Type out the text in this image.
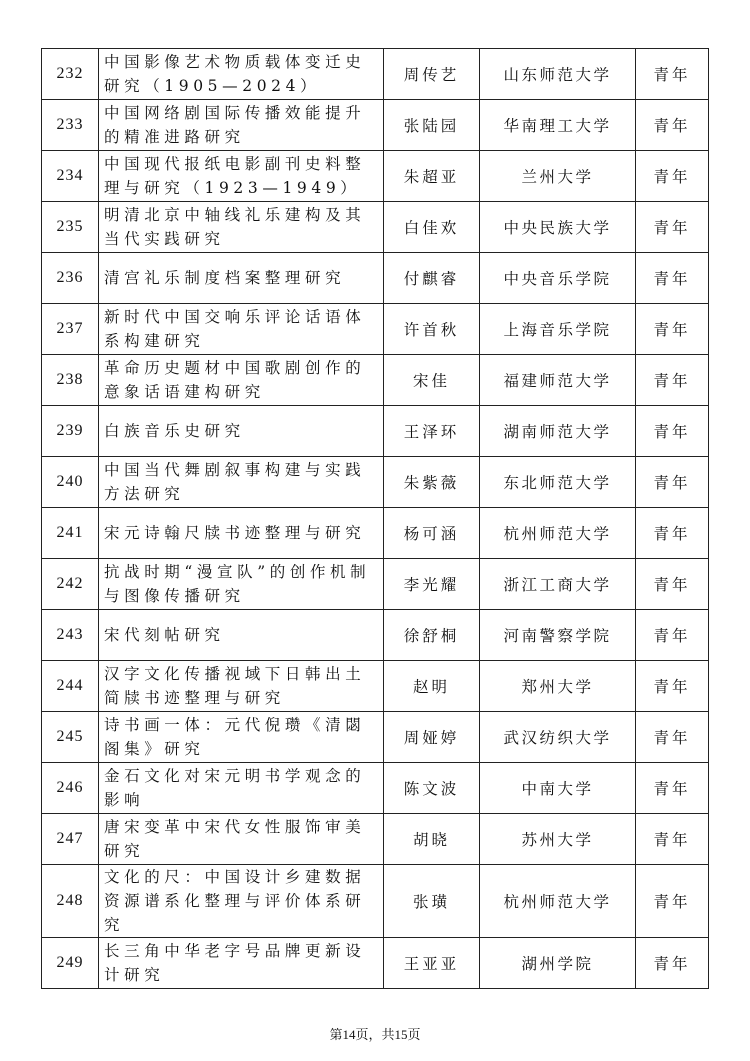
232	中国影像艺术物质载体变迁史研究（1905—2024）	周传艺	山东师范大学	青年
233	中国网络剧国际传播效能提升的精准进路研究	张陆园	华南理工大学	青年
234	中国现代报纸电影副刊史料整理与研究（1923—1949）	朱超亚	兰州大学	青年
235	明清北京中轴线礼乐建构及其当代实践研究	白佳欢	中央民族大学	青年
236	清宫礼乐制度档案整理研究	付麒睿	中央音乐学院	青年
237	新时代中国交响乐评论话语体系构建研究	许首秋	上海音乐学院	青年
238	革命历史题材中国歌剧创作的意象话语建构研究	宋佳	福建师范大学	青年
239	白族音乐史研究	王泽环	湖南师范大学	青年
240	中国当代舞剧叙事构建与实践方法研究	朱紫薇	东北师范大学	青年
241	宋元诗翰尺牍书迹整理与研究	杨可涵	杭州师范大学	青年
242	抗战时期“漫宣队”的创作机制与图像传播研究	李光耀	浙江工商大学	青年
243	宋代刻帖研究	徐舒桐	河南警察学院	青年
244	汉字文化传播视域下日韩出土简牍书迹整理与研究	赵明	郑州大学	青年
245	诗书画一体：元代倪瓒《清閟阁集》研究	周娅婷	武汉纺织大学	青年
246	金石文化对宋元明书学观念的影响	陈文波	中南大学	青年
247	唐宋变革中宋代女性服饰审美研究	胡晓	苏州大学	青年
248	文化的尺：中国设计乡建数据资源谱系化整理与评价体系研究	张璜	杭州师范大学	青年
249	长三角中华老字号品牌更新设计研究	王亚亚	湖州学院	青年
第14页，共15页
